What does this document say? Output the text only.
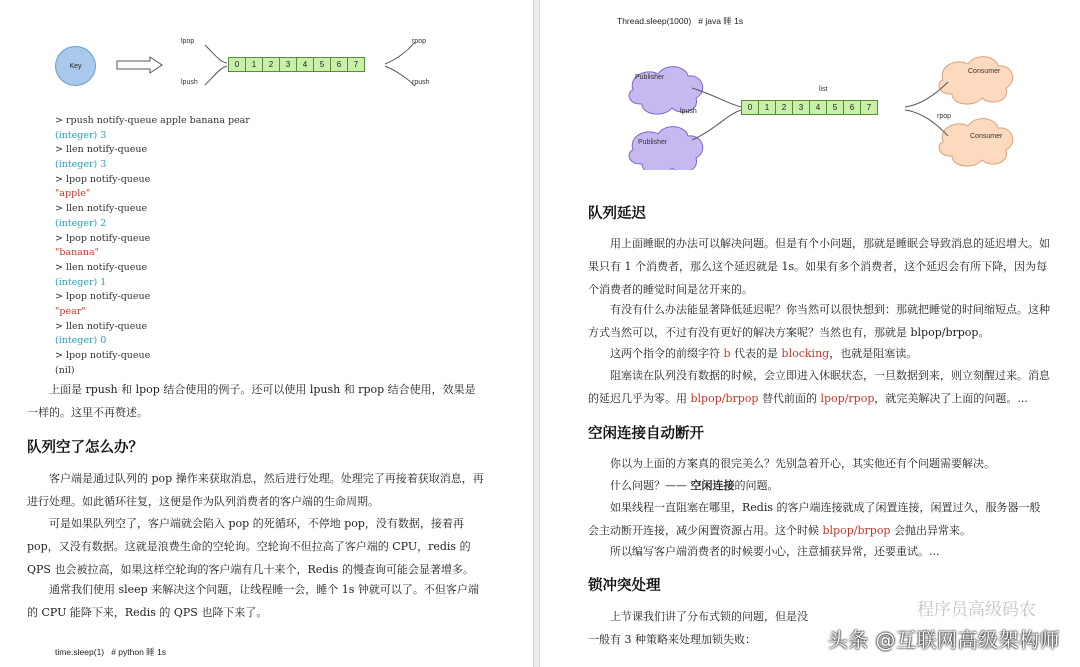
Key
lpop
lpush
rpop
rpush
0	1	2	3	4	5	6	7
> rpush notify-queue apple banana pear
(integer) 3
> llen notify-queue
(integer) 3
> lpop notify-queue
"apple"
> llen notify-queue
(integer) 2
> lpop notify-queue
"banana"
> llen notify-queue
(integer) 1
> lpop notify-queue
"pear"
> llen notify-queue
(integer) 0
> lpop notify-queue
(nil)
上面是 rpush 和 lpop 结合使用的例子。还可以使用 lpush 和 rpop 结合使用，效果是一样的。这里不再赘述。
队列空了怎么办？
客户端是通过队列的 pop 操作来获取消息，然后进行处理。处理完了再接着获取消息，再进行处理。如此循环往复，这便是作为队列消费者的客户端的生命周期。
可是如果队列空了，客户端就会陷入 pop 的死循环，不停地 pop，没有数据，接着再 pop，又没有数据。这就是浪费生命的空轮询。空轮询不但拉高了客户端的 CPU，redis 的 QPS 也会被拉高，如果这样空轮询的客户端有几十来个，Redis 的慢查询可能会显著增多。
通常我们使用 sleep 来解决这个问题，让线程睡一会，睡个 1s 钟就可以了。不但客户端的 CPU 能降下来，Redis 的 QPS 也降下来了。
time.sleep(1)   # python 睡 1s
Thread.sleep(1000)   # java 睡 1s
Publisher
Publisher
Consumer
Consumer
list
lpush
rpop
0	1	2	3	4	5	6	7
队列延迟
用上面睡眠的办法可以解决问题。但是有个小问题，那就是睡眠会导致消息的延迟增大。如果只有 1 个消费者，那么这个延迟就是 1s。如果有多个消费者，这个延迟会有所下降，因为每个消费者的睡觉时间是岔开来的。
有没有什么办法能显著降低延迟呢？你当然可以很快想到：那就把睡觉的时间缩短点。这种方式当然可以，不过有没有更好的解决方案呢？当然也有，那就是 blpop/brpop。
这两个指令的前缀字符 b 代表的是 blocking，也就是阻塞读。
阻塞读在队列没有数据的时候，会立即进入休眠状态，一旦数据到来，则立刻醒过来。消息的延迟几乎为零。用 blpop/brpop 替代前面的 lpop/rpop，就完美解决了上面的问题。...
空闲连接自动断开
你以为上面的方案真的很完美么？先别急着开心，其实他还有个问题需要解决。
什么问题？—— 空闲连接的问题。
如果线程一直阻塞在哪里，Redis 的客户端连接就成了闲置连接，闲置过久，服务器一般会主动断开连接，减少闲置资源占用。这个时候 blpop/brpop 会抛出异常来。
所以编写客户端消费者的时候要小心，注意捕获异常，还要重试。...
锁冲突处理
上节课我们讲了分布式锁的问题，但是没
一般有 3 种策略来处理加锁失败：
程序员高级码农
头条 @互联网高级架构师
